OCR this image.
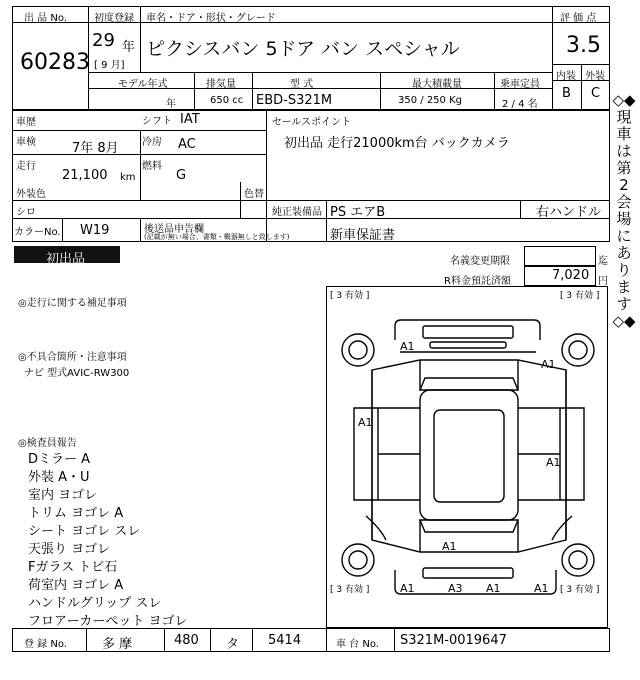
出 品 No.
60283
初度登録
29 年
[ 9 月]
車名・ドア・形状・グレード
ピクシスバン 5ドア バン スペシャル
評 価 点
3.5
内装 外装
B C
モデル年式	排気量	型 式	最大積載量	乗車定員
年	650 cc EBD-S321M	350 / 250 Kg	2 / 4 名
車歴	シフト IAT
車検	7年 8月 冷房 AC
走行
21,100 km
燃料
G
外装色
シロ
色替
カラーNo. W19	後送品申告欄
(記載が無い場合、書類・概器無しと致します)
セールスポイント
初出品 走行21000km台 バックカメラ
純正装備品 PS エアB	右ハンドル
新車保証書
初出品	名義変更期限	迄
R料金預託済額	7,020 円
◎走行に関する補足事項
◎不具合箇所・注意事項
ナビ 型式AVIC-RW300
◎検査員報告
Dミラー A
外装 A・U
室内 ヨゴレ
トリム ヨゴレ A
シート ヨゴレ スレ
天張り ヨゴレ
Fガラス トビ石
荷室内 ヨゴレ A
ハンドルグリップ スレ
フロアーカーペット ヨゴレ
◇◆現車は第2会場にあります◇◆
[ 3 有効 ]	[ 3 有効 ]
[ 3 有効 ]	[ 3 有効 ]
A1
A1
A1
A1
A1
A1	A3 A1	A1
登 録 No.	多 摩	480 タ 5414	車 台 No. S321M-0019647
